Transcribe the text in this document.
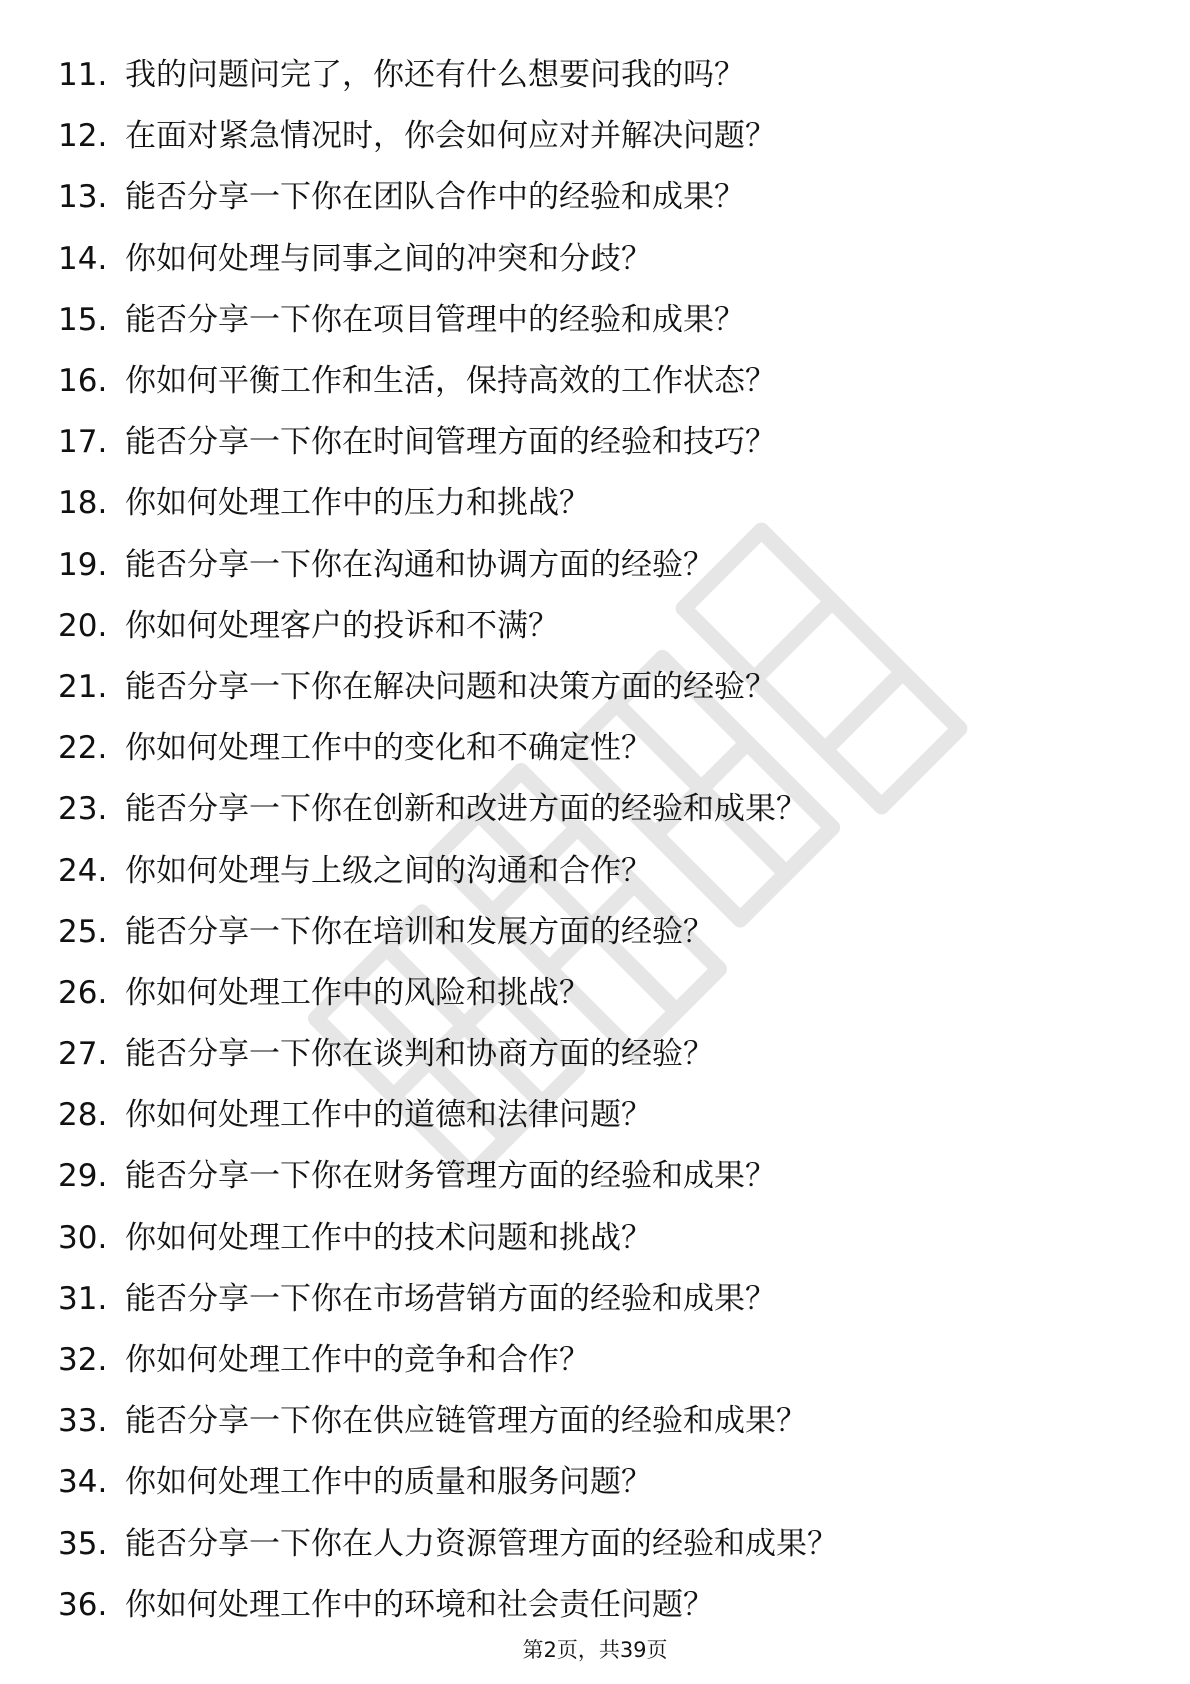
11. 我的问题问完了，你还有什么想要问我的吗？
12. 在面对紧急情况时，你会如何应对并解决问题？
13. 能否分享一下你在团队合作中的经验和成果？
14. 你如何处理与同事之间的冲突和分歧？
15. 能否分享一下你在项目管理中的经验和成果？
16. 你如何平衡工作和生活，保持高效的工作状态？
17. 能否分享一下你在时间管理方面的经验和技巧？
18. 你如何处理工作中的压力和挑战？
19. 能否分享一下你在沟通和协调方面的经验？
20. 你如何处理客户的投诉和不满？
21. 能否分享一下你在解决问题和决策方面的经验？
22. 你如何处理工作中的变化和不确定性？
23. 能否分享一下你在创新和改进方面的经验和成果？
24. 你如何处理与上级之间的沟通和合作？
25. 能否分享一下你在培训和发展方面的经验？
26. 你如何处理工作中的风险和挑战？
27. 能否分享一下你在谈判和协商方面的经验？
28. 你如何处理工作中的道德和法律问题？
29. 能否分享一下你在财务管理方面的经验和成果？
30. 你如何处理工作中的技术问题和挑战？
31. 能否分享一下你在市场营销方面的经验和成果？
32. 你如何处理工作中的竞争和合作？
33. 能否分享一下你在供应链管理方面的经验和成果？
34. 你如何处理工作中的质量和服务问题？
35. 能否分享一下你在人力资源管理方面的经验和成果？
36. 你如何处理工作中的环境和社会责任问题？
第2页，共39页
